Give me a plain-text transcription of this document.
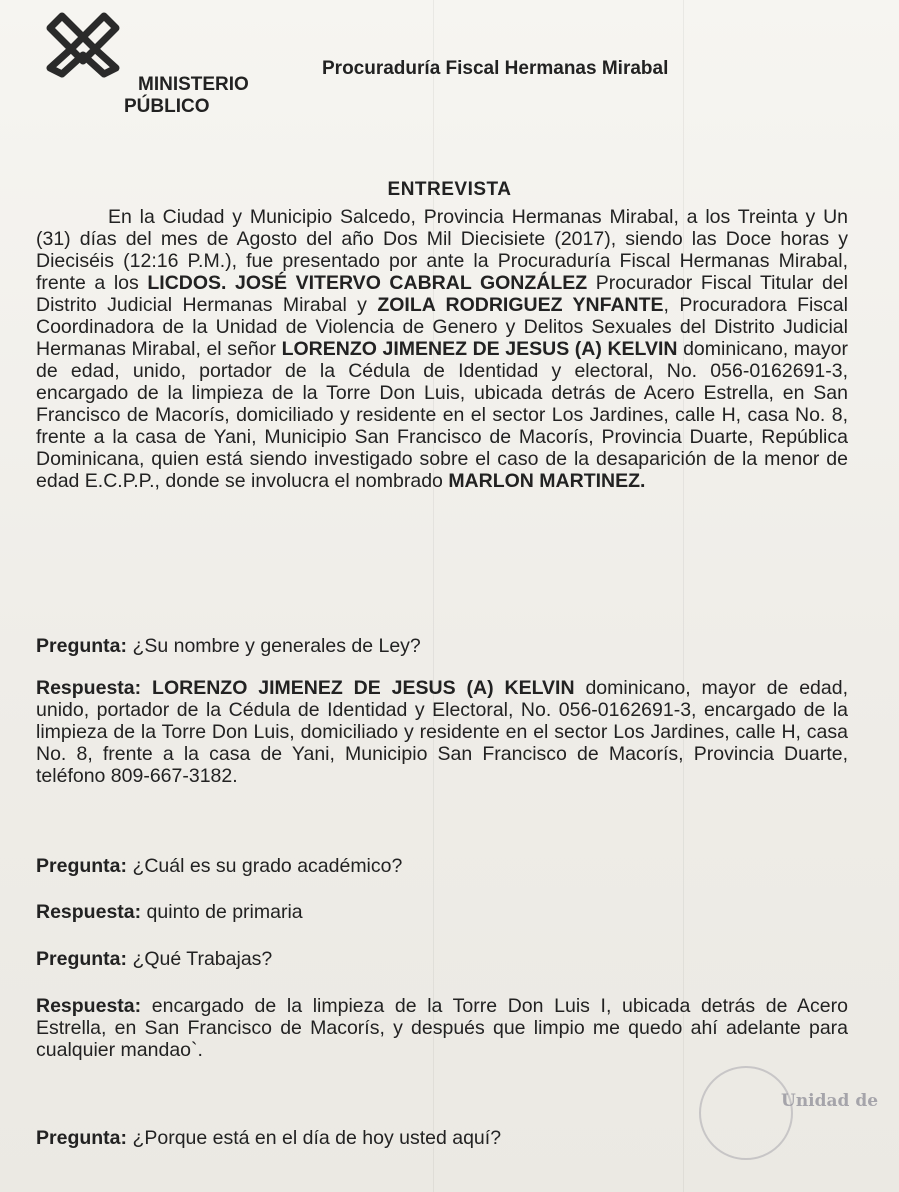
MINISTERIO
PÚBLICO
Procuraduría Fiscal Hermanas Mirabal
ENTREVISTA
En la Ciudad y Municipio Salcedo, Provincia Hermanas Mirabal, a los Treinta y Un (31) días del mes de Agosto del año Dos Mil Diecisiete (2017), siendo las Doce horas y Dieciséis (12:16 P.M.), fue presentado por ante la Procuraduría Fiscal Hermanas Mirabal, frente a los LICDOS. JOSÉ VITERVO CABRAL GONZÁLEZ Procurador Fiscal Titular del Distrito Judicial Hermanas Mirabal y ZOILA RODRIGUEZ YNFANTE, Procuradora Fiscal Coordinadora de la Unidad de Violencia de Genero y Delitos Sexuales del Distrito Judicial Hermanas Mirabal, el señor LORENZO JIMENEZ DE JESUS (A) KELVIN dominicano, mayor de edad, unido, portador de la Cédula de Identidad y electoral, No. 056-0162691-3, encargado de la limpieza de la Torre Don Luis, ubicada detrás de Acero Estrella, en San Francisco de Macorís, domiciliado y residente en el sector Los Jardines, calle H, casa No. 8, frente a la casa de Yani, Municipio San Francisco de Macorís, Provincia Duarte, República Dominicana, quien está siendo investigado sobre el caso de la desaparición de la menor de edad E.C.P.P., donde se involucra el nombrado MARLON MARTINEZ.
Pregunta: ¿Su nombre y generales de Ley?
Respuesta: LORENZO JIMENEZ DE JESUS (A) KELVIN dominicano, mayor de edad, unido, portador de la Cédula de Identidad y Electoral, No. 056-0162691-3, encargado de la limpieza de la Torre Don Luis, domiciliado y residente en el sector Los Jardines, calle H, casa No. 8, frente a la casa de Yani, Municipio San Francisco de Macorís, Provincia Duarte, teléfono 809-667-3182.
Pregunta: ¿Cuál es su grado académico?
Respuesta: quinto de primaria
Pregunta: ¿Qué Trabajas?
Respuesta: encargado de la limpieza de la Torre Don Luis I, ubicada detrás de Acero Estrella, en San Francisco de Macorís, y después que limpio me quedo ahí adelante para cualquier mandao`.
Pregunta: ¿Porque está en el día de hoy usted aquí?
Unidad de
